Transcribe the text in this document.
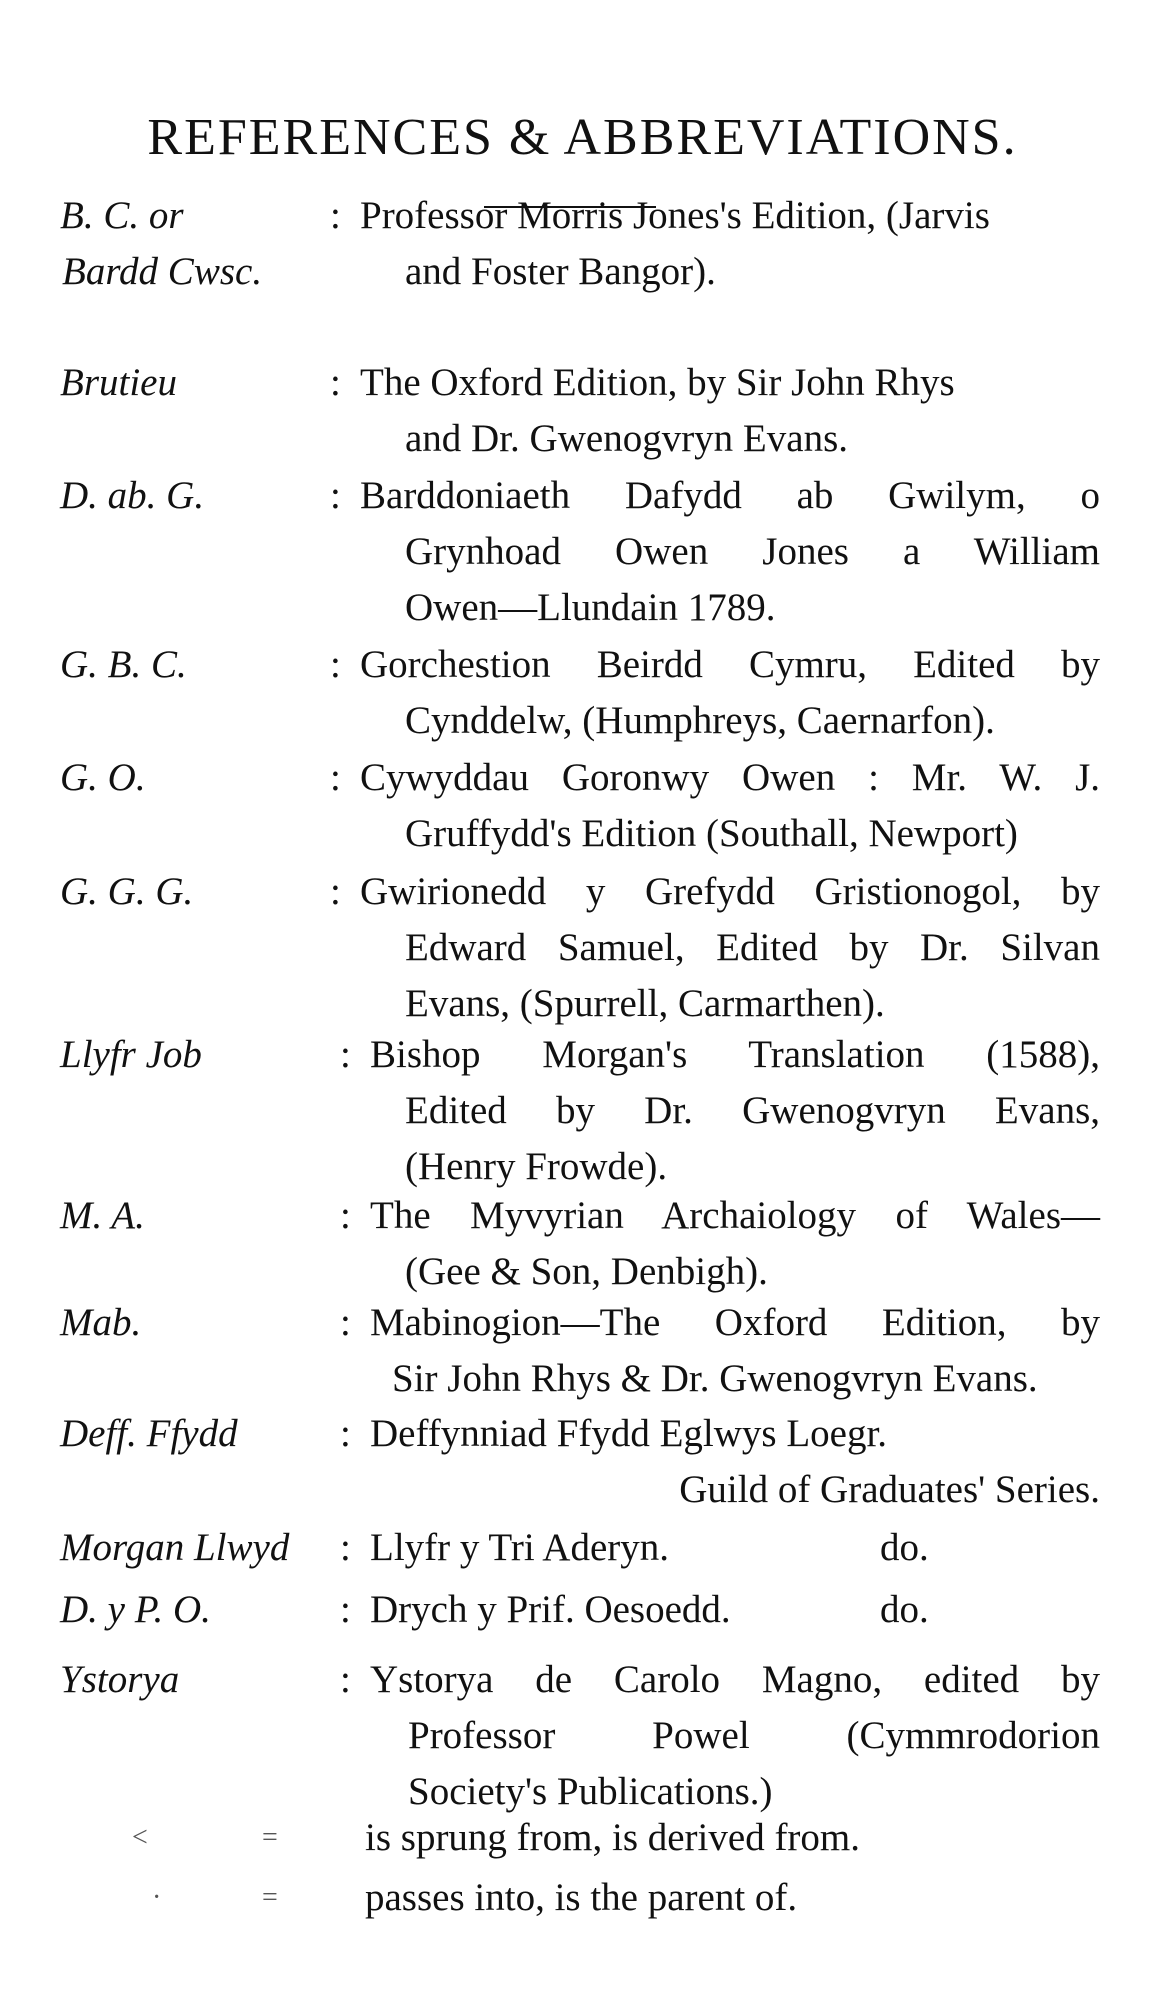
REFERENCES & ABBREVIATIONS.
B. C. or
Bardd Cwsc.
: Professor Morris Jones's Edition, (Jarvis
and Foster Bangor).
Brutieu	: The Oxford Edition, by Sir John Rhys
and Dr. Gwenogvryn Evans.
D. ab. G.	: Barddoniaeth Dafydd ab Gwilym, o
Grynhoad Owen Jones a William
Owen—Llundain 1789.
G. B. C.	: Gorchestion Beirdd Cymru, Edited by
Cynddelw, (Humphreys, Caernarfon).
G. O.	: Cywyddau Goronwy Owen : Mr. W. J.
Gruffydd's Edition (Southall, Newport)
G. G. G.	: Gwirionedd y Grefydd Gristionogol, by
Edward Samuel, Edited by Dr. Silvan
Evans, (Spurrell, Carmarthen).
Llyfr Job	: Bishop Morgan's Translation (1588),
Edited by Dr. Gwenogvryn Evans,
(Henry Frowde).
M. A.	: The Myvyrian Archaiology of Wales—
(Gee & Son, Denbigh).
Mab.	: Mabinogion—The Oxford Edition, by
Sir John Rhys & Dr. Gwenogvryn Evans.
Deff. Ffydd	: Deffynniad Ffydd Eglwys Loegr.
Guild of Graduates' Series.
Morgan Llwyd : Llyfr y Tri Aderyn.	do.
D. y P. O.	: Drych y Prif. Oesoedd.	do.
Ystorya	: Ystorya de Carolo Magno, edited by
Professor Powel (Cymmrodorion
Society's Publications.)
<	= is sprung from, is derived from.
·	= passes into, is the parent of.
